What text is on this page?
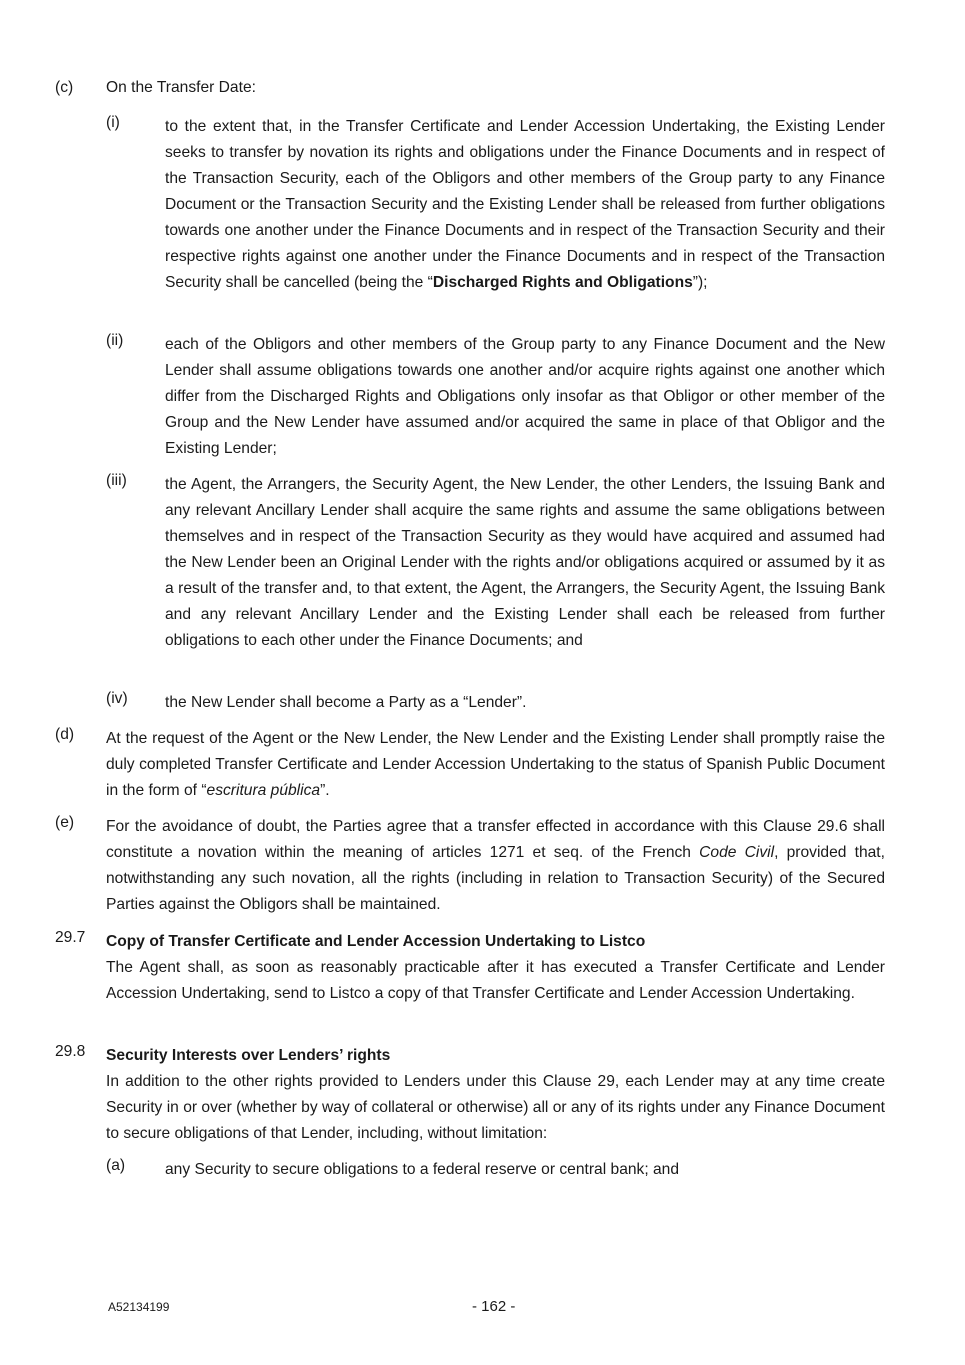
(c)	On the Transfer Date:
(i)	to the extent that, in the Transfer Certificate and Lender Accession Undertaking, the Existing Lender seeks to transfer by novation its rights and obligations under the Finance Documents and in respect of the Transaction Security, each of the Obligors and other members of the Group party to any Finance Document or the Transaction Security and the Existing Lender shall be released from further obligations towards one another under the Finance Documents and in respect of the Transaction Security and their respective rights against one another under the Finance Documents and in respect of the Transaction Security shall be cancelled (being the “Discharged Rights and Obligations”);
(ii)	each of the Obligors and other members of the Group party to any Finance Document and the New Lender shall assume obligations towards one another and/or acquire rights against one another which differ from the Discharged Rights and Obligations only insofar as that Obligor or other member of the Group and the New Lender have assumed and/or acquired the same in place of that Obligor and the Existing Lender;
(iii)	the Agent, the Arrangers, the Security Agent, the New Lender, the other Lenders, the Issuing Bank and any relevant Ancillary Lender shall acquire the same rights and assume the same obligations between themselves and in respect of the Transaction Security as they would have acquired and assumed had the New Lender been an Original Lender with the rights and/or obligations acquired or assumed by it as a result of the transfer and, to that extent, the Agent, the Arrangers, the Security Agent, the Issuing Bank and any relevant Ancillary Lender and the Existing Lender shall each be released from further obligations to each other under the Finance Documents; and
(iv)	the New Lender shall become a Party as a “Lender”.
(d)	At the request of the Agent or the New Lender, the New Lender and the Existing Lender shall promptly raise the duly completed Transfer Certificate and Lender Accession Undertaking to the status of Spanish Public Document in the form of “escritura pública”.
(e)	For the avoidance of doubt, the Parties agree that a transfer effected in accordance with this Clause 29.6 shall constitute a novation within the meaning of articles 1271 et seq. of the French Code Civil, provided that, notwithstanding any such novation, all the rights (including in relation to Transaction Security) of the Secured Parties against the Obligors shall be maintained.
29.7	Copy of Transfer Certificate and Lender Accession Undertaking to Listco
The Agent shall, as soon as reasonably practicable after it has executed a Transfer Certificate and Lender Accession Undertaking, send to Listco a copy of that Transfer Certificate and Lender Accession Undertaking.
29.8	Security Interests over Lenders’ rights
In addition to the other rights provided to Lenders under this Clause 29, each Lender may at any time create Security in or over (whether by way of collateral or otherwise) all or any of its rights under any Finance Document to secure obligations of that Lender, including, without limitation:
(a)	any Security to secure obligations to a federal reserve or central bank; and
A52134199	- 162 -
